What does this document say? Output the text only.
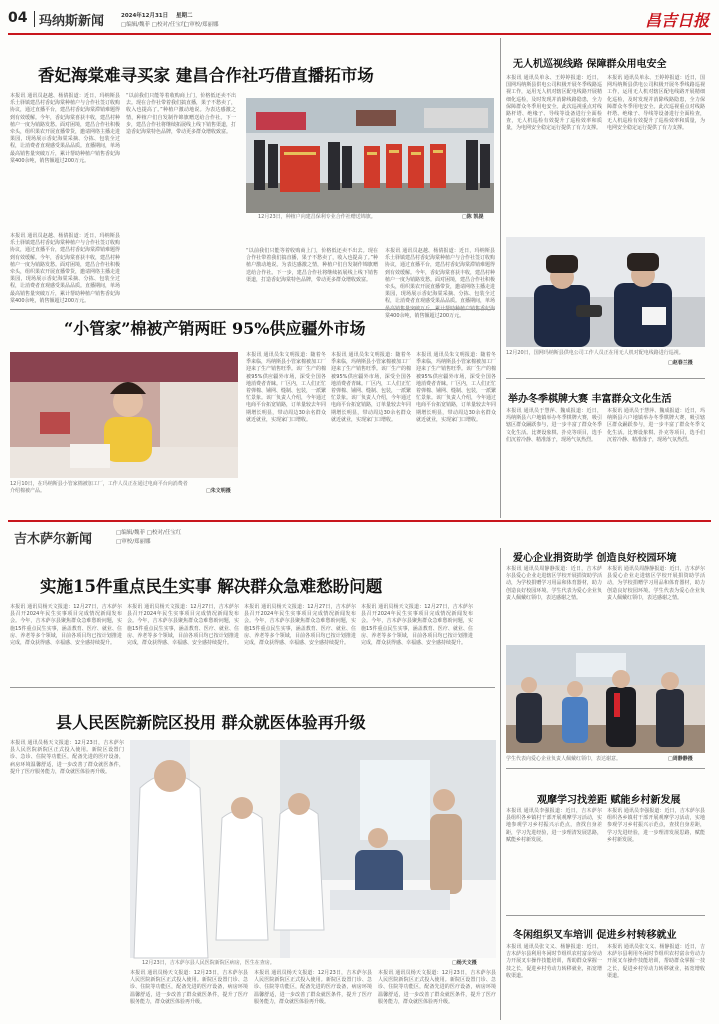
04 玛纳斯新闻	2024年12月31日 星期二
□编辑/魏菲 □校对/任宝红
□审校/郑丽娜	昌吉日报
香妃海棠难寻买家 建昌合作社巧借直播拓市场
本报讯 通讯员赵越、杨倩报道：近日，玛纳斯县乐土驿镇建昌村香妃海棠种植户与合作社签订收购协议，通过直播平台，建昌村香妃海棠滞销难题得到有效缓解。今年，香妃海棠喜获丰收，建昌村种植户一度为销路发愁。面对困境，建昌合作社积极牵头，组织果农开展直播带货，邀请网络主播走进果园，现场展示香妃海棠采摘、分拣、包装全过程，让消费者直观感受果品品质。直播期间，单场最高销售量突破万斤，累计帮助种植户销售香妃海棠400余吨，销售额超过200万元。
“以前我们只能等着收购商上门，价格低还卖不出去。现在合作社带着我们搞直播，果子不愁卖了，收入也提高了。”种植户激动地说。为表达感激之情，种植户们自发制作锦旗赠送给合作社。下一步，建昌合作社将继续拓展线上线下销售渠道，打造香妃海棠特色品牌，带动更多群众增收致富。
本报讯 通讯员赵越、杨倩报道：近日，玛纳斯县乐土驿镇建昌村香妃海棠种植户与合作社签订收购协议，通过直播平台，建昌村香妃海棠滞销难题得到有效缓解。今年，香妃海棠喜获丰收，建昌村种植户一度为销路发愁。面对困境，建昌合作社积极牵头，组织果农开展直播带货，邀请网络主播走进果园，现场展示香妃海棠采摘、分拣、包装全过程，让消费者直观感受果品品质。直播期间，单场最高销售量突破万斤，累计帮助种植户销售香妃海棠400余吨，销售额超过200万元。
“以前我们只能等着收购商上门，价格低还卖不出去。现在合作社带着我们搞直播，果子不愁卖了，收入也提高了。”种植户激动地说。为表达感激之情，种植户们自发制作锦旗赠送给合作社。下一步，建昌合作社将继续拓展线上线下销售渠道，打造香妃海棠特色品牌，带动更多群众增收致富。
本报讯 通讯员赵越、杨倩报道：近日，玛纳斯县乐土驿镇建昌村香妃海棠种植户与合作社签订收购协议，通过直播平台，建昌村香妃海棠滞销难题得到有效缓解。今年，香妃海棠喜获丰收，建昌村种植户一度为销路发愁。面对困境，建昌合作社积极牵头，组织果农开展直播带货，邀请网络主播走进果园，现场展示香妃海棠采摘、分拣、包装全过程，让消费者直观感受果品品质。直播期间，单场 棠400余吨，销售额超过200万元。
12月23日，种植户向建昌保利专业合作社赠送锦旗。	□陈 凯提
无人机巡视线路 保障群众用电安全
本报讯 通讯员单永、王婷婷报道：近日，国网玛纳斯县供电公司积极开展冬季线路巡视工作，运用无人机对辖区配电线路开展精细化巡检，及时发现并消除线路隐患，全力保障群众冬季用电安全。此次巡视重点对线路杆塔、绝缘子、导线等设备进行全面检查，无人机巡检有效提升了巡检效率和质量，为电网安全稳定运行提供了有力支撑。
本报讯 通讯员单永、王婷婷报道：近日，国网玛纳斯县供电公司积极开展冬季线路巡视工作，运用无人机对辖区配电线路开展精细化巡检，及时发现并消除线路隐患，全力保障群众冬季用电安全。此次巡视重点对线路杆塔、绝缘子、导线等设备进行全面检查，无人机巡检有效提升了巡检效率和质量，为电网安全稳定运行提供了有力支撑。
12月20日，国网玛纳斯县供电公司工作人员正在用无人机对配电线路进行巡视。
□赵春兰摄
“小管家”棉被产销两旺 95%供应疆外市场
12月10日，在玛纳斯县小管家棉被加工厂，工作人员正在通过电商平台向消费者介绍棉被产品。	□朱文明摄
本报讯 通讯员朱文明报道：随着冬季来临，玛纳斯县小管家棉被加工厂迎来了生产销售旺季。该厂生产的棉被95%供应疆外市场，深受全国各地消费者青睐。厂区内，工人们正忙着弹棉、铺网、缝制、包装，一派繁忙景象。该厂负责人介绍，今年通过电商平台拓宽销路，订单量较去年同期增长明显，带动周边30余名群众就近就业，实现家门口增收。
本报讯 通讯员朱文明报道：随着冬季来临，玛纳斯县小管家棉被加工厂迎来了生产销售旺季。该厂生产的棉被95%供应疆外市场，深受全国各地消费者青睐。厂区内，工人们正忙着弹棉、铺网、缝制、包装，一派繁忙景象。该厂负责人介绍，今年通过电商平台拓宽销路，订单量较去年同期增长明显，带动周边30余名群众就近就业，实现家门口增收。
本报讯 通讯员朱文明报道：随着冬季来临，玛纳斯县小管家棉被加工厂迎来了生产销售旺季。该厂生产的棉被95%供应疆外市场，深受全国各地消费者青睐。厂区内，工人们正忙着弹棉、铺网、缝制、包装，一派繁忙景象。该厂负责人介绍，今年通过电商平台拓宽销路，订单量较去年同期增长明显，带动周边30余名群众就近就业，实现家门口增收。
举办冬季棋牌大赛 丰富群众文化生活
本报讯 通讯员于慧萍、魏成报道：近日，玛纳斯县六户地镇举办冬季棋牌大赛，吸引辖区群众踊跃参与，进一步丰富了群众冬季文化生活。比赛设象棋、扑克等项目，选手们沉着冷静、精准落子，现场气氛热烈。
本报讯 通讯员于慧萍、魏成报道：近日，玛纳斯县六户地镇举办冬季棋牌大赛，吸引辖区群众踊跃参与，进一步丰富了群众冬季文化生活。比赛设象棋、扑克等项目，选手们沉着冷静、精准落子，现场气氛热烈。
吉木萨尔新闻	□编辑/魏菲 □校对/任宝红
□审校/郑丽娜
实施15件重点民生实事 解决群众急难愁盼问题
本报讯 通讯员杨天文报道：12月27日，吉木萨尔县召开2024年民生实事项目完成情况新闻发布会。今年，吉木萨尔县聚焦群众急难愁盼问题，实施15件重点民生实事，涵盖教育、医疗、就业、住房、养老等多个领域，目前各项目均已按计划推进完成，群众获得感、幸福感、安全感持续提升。
本报讯 通讯员杨天文报道：12月27日，吉木萨尔县召开2024年民生实事项目完成情况新闻发布会。今年，吉木萨尔县聚焦群众急难愁盼问题，实施15件重点民生实事，涵盖教育、医疗、就业、住房、养老等多个领域，目前各项目均已按计划推进完成，群众获得感、幸福感、安全感持续提升。
本报讯 通讯员杨天文报道：12月27日，吉木萨尔县召开2024年民生实事项目完成情况新闻发布会。今年，吉木萨尔县聚焦群众急难愁盼问题，实施15件重点民生实事，涵盖教育、医疗、就业、住房、养老等多个领域，目前各项目均已按计划推进完成，群众获得感、幸福感、安全感持续提升。
本报讯 通讯员杨天文报道：12月27日，吉木萨尔县召开2024年民生实事项目完成情况新闻发布会。今年，吉木萨尔县聚焦群众急难愁盼问题，实施15件重点民生实事，涵盖教育、医疗、就业、住房、养老等多个领域，目前各项目均已按计划推进完成，群众获得感、幸福感、安全感持续提升。
爱心企业捐资助学 创造良好校园环境
本报讯 通讯员周静静报道：近日，吉木萨尔县爱心企业走进辖区学校开展捐资助学活动，为学校捐赠学习用品和体育器材，助力创造良好校园环境。学生代表为爱心企业负责人佩戴红领巾，表达感谢之情。
本报讯 通讯员周静静报道：近日，吉木萨尔县爱心企业走进辖区学校开展捐资助学活动，为学校捐赠学习用品和体育器材，助力创造良好校园环境。学生代表为爱心企业负责人佩戴红领巾，表达感谢之情。
学生代表向爱心企业负责人佩戴红领巾，表达谢意。	□周静静摄
县人民医院新院区投用 群众就医体验再升级
本报讯 通讯员杨天文报道：12月23日，吉木萨尔县人民医院新院区正式投入使用。新院区设置门诊、急诊、住院等功能区，配备先进的医疗设备，病房环境温馨舒适，进一步改善了群众就医条件，提升了医疗服务能力，群众就医体验再升级。
12月23日，吉木萨尔县人民医院新院区病房，医生在查房。	□杨天文摄
本报讯 通讯员杨天文报道：12月23日，吉木萨尔县人民医院新院区正式投入使用。新院区设置门诊、急诊、住院等功能区，配备先进的医疗设备，病房环境温馨舒适，进一步改善了群众就医条件，提升了医疗服务能力，群众就医体验再升级。
本报讯 通讯员杨天文报道：12月23日，吉木萨尔县人民医院新院区正式投入使用。新院区设置门诊、急诊、住院等功能区，配备先进的医疗设备，病房环境温馨舒适，进一步改善了群众就医条件，提升了医疗服务能力，群众就医体验再升级。
本报讯 通讯员杨天文报道：12月23日，吉木萨尔县人民医院新院区正式投入使用。新院区设置门诊、急诊、住院等功能区，配备先进的医疗设备，病房环境温馨舒适，进一步改善了群众就医条件，提升了医疗服务能力，群众就医体验再升级。
观摩学习找差距 赋能乡村新发展
本报讯 通讯员李强报道：近日，吉木萨尔县组织各乡镇村干部开展观摩学习活动，实地参观学习乡村振兴示范点，查找自身差距，学习先进经验，进一步理清发展思路，赋能乡村新发展。
本报讯 通讯员李强报道：近日，吉木萨尔县组织各乡镇村干部开展观摩学习活动，实地参观学习乡村振兴示范点，查找自身差距，学习先进经验，进一步理清发展思路，赋能乡村新发展。
冬闲组织叉车培训 促进乡村转移就业
本报讯 通讯员张文义、杨静报道：近日，吉木萨尔县利用冬闲时节组织农村富余劳动力开展叉车操作技能培训，帮助群众掌握一技之长，促进乡村劳动力转移就业，拓宽增收渠道。
本报讯 通讯员张文义、杨静报道：近日，吉木萨尔县利用冬闲时节组织农村富余劳动力开展叉车操作技能培训，帮助群众掌握一技之长，促进乡村劳动力转移就业，拓宽增收渠道。
